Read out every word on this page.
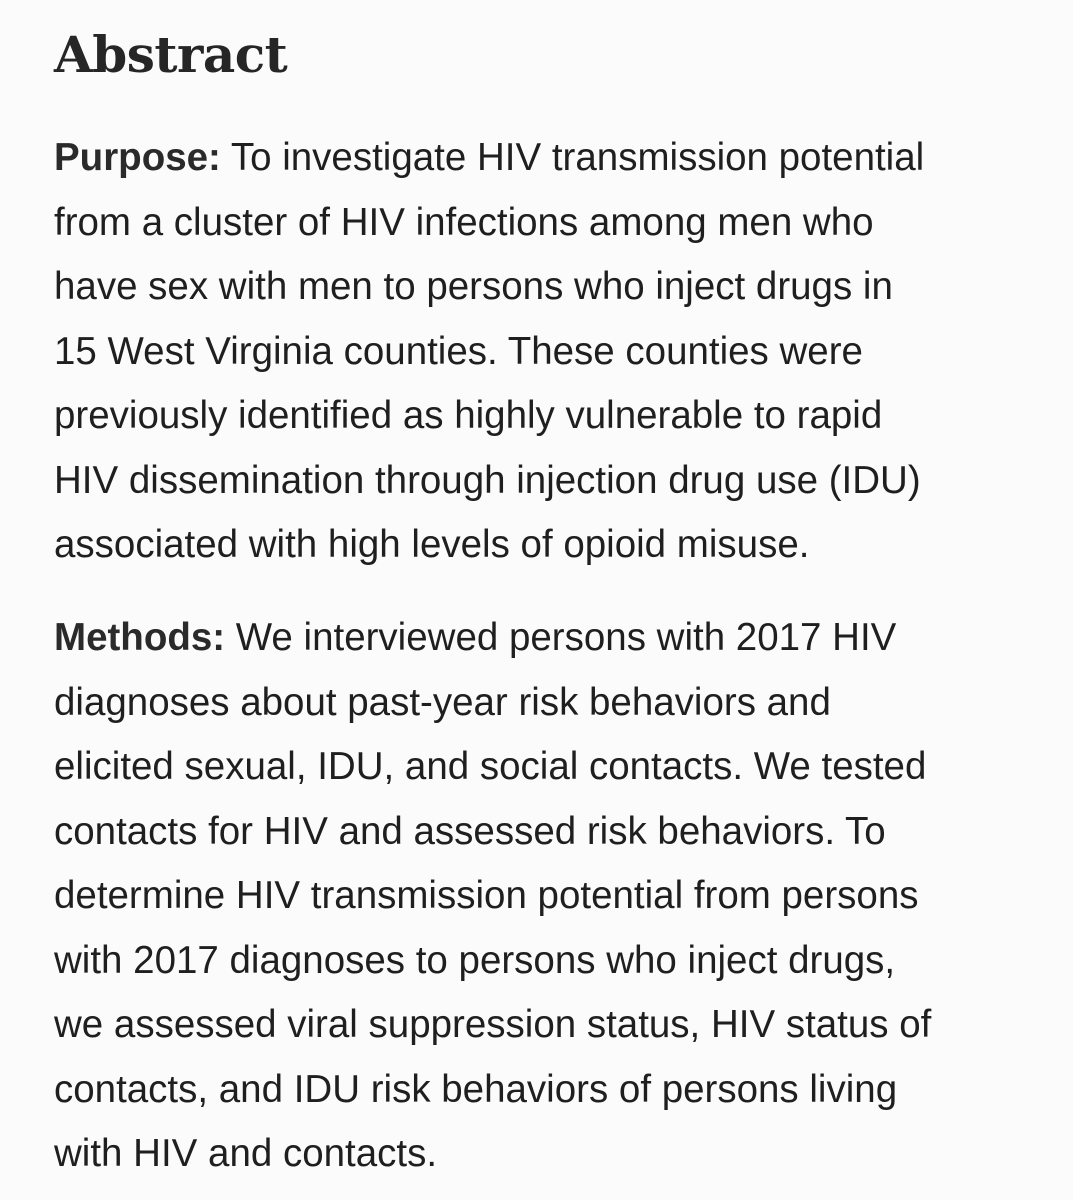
Abstract

Purpose: To investigate HIV transmission potential
from a cluster of HIV infections among men who
have sex with men to persons who inject drugs in
15 West Virginia counties. These counties were
previously identified as highly vulnerable to rapid
HIV dissemination through injection drug use (IDU)
associated with high levels of opioid misuse.

Methods: We interviewed persons with 2017 HIV
diagnoses about past-year risk behaviors and
elicited sexual, IDU, and social contacts. We tested
contacts for HIV and assessed risk behaviors. To
determine HIV transmission potential from persons
with 2017 diagnoses to persons who inject drugs,
we assessed viral suppression status, HIV status of
contacts, and IDU risk behaviors of persons living
with HIV and contacts.
